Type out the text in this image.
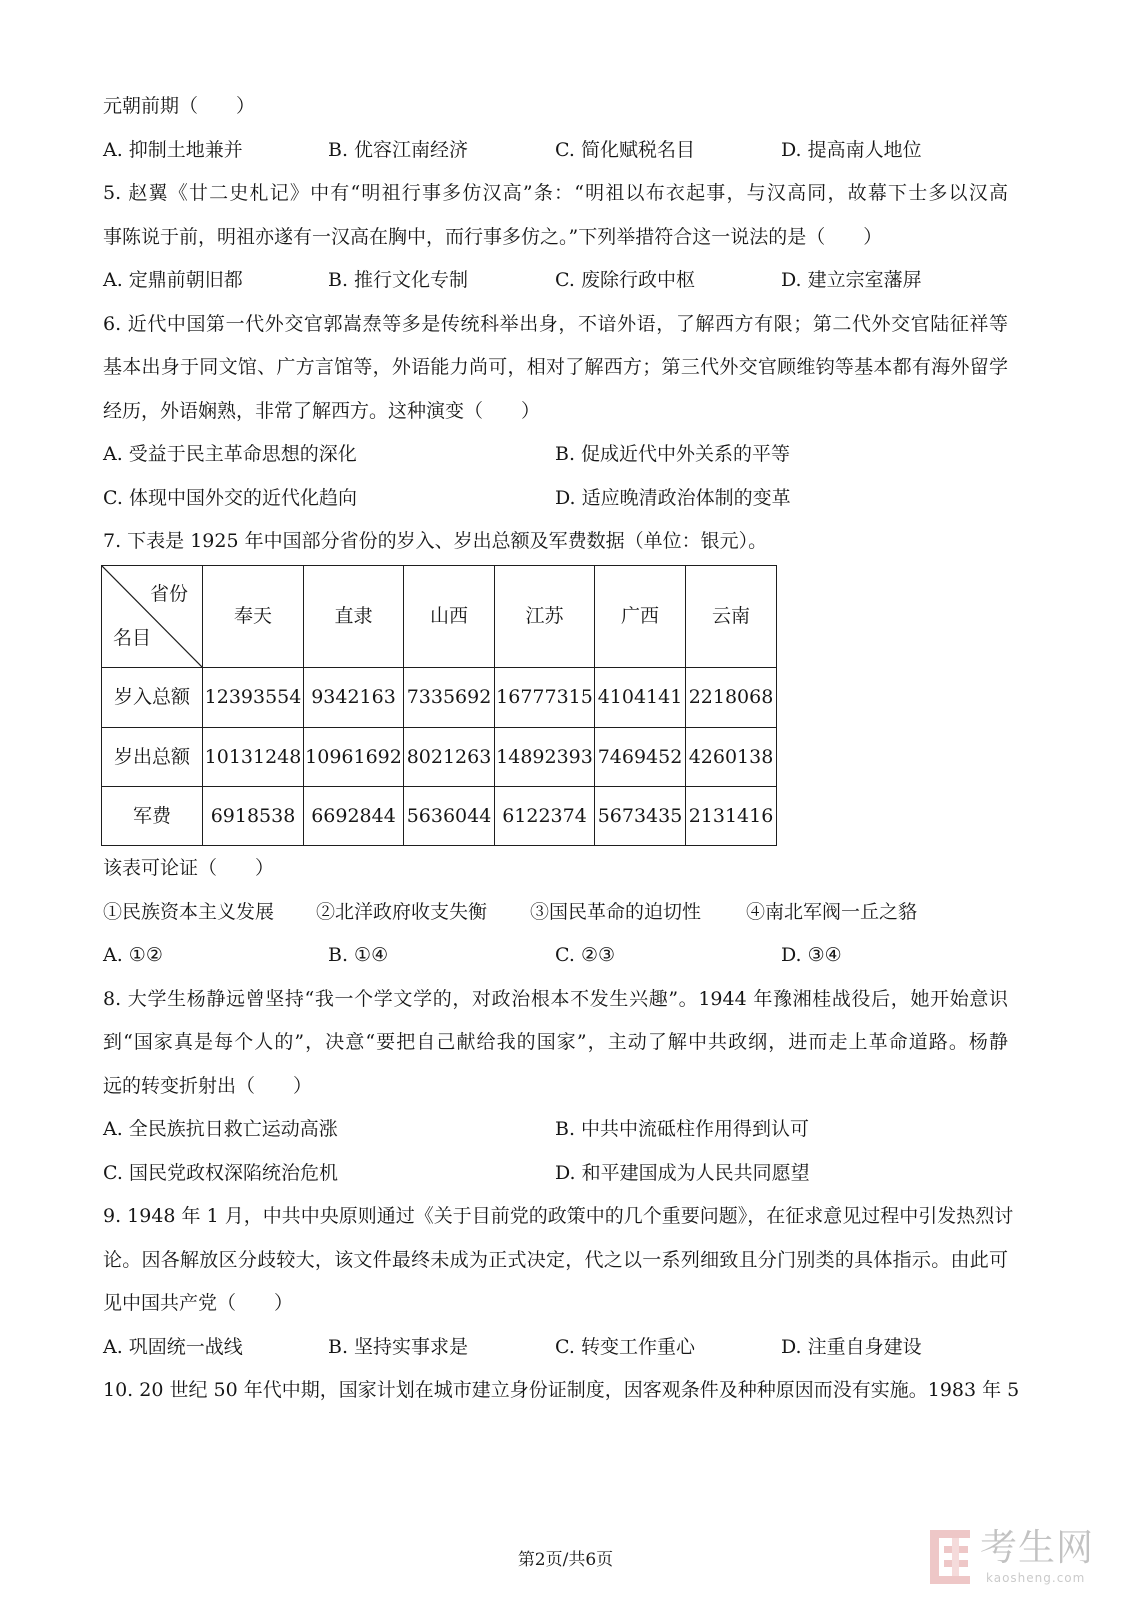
元朝前期（　　）
A. 抑制土地兼并	B. 优容江南经济	C. 简化赋税名目	D. 提高南人地位
5. 赵翼《廿二史札记》中有“明祖行事多仿汉高”条：“明祖以布衣起事，与汉高同，故幕下士多以汉高
事陈说于前，明祖亦遂有一汉高在胸中，而行事多仿之。”下列举措符合这一说法的是（　　）
A. 定鼎前朝旧都	B. 推行文化专制	C. 废除行政中枢	D. 建立宗室藩屏
6. 近代中国第一代外交官郭嵩焘等多是传统科举出身，不谙外语，了解西方有限；第二代外交官陆征祥等
基本出身于同文馆、广方言馆等，外语能力尚可，相对了解西方；第三代外交官顾维钧等基本都有海外留学
经历，外语娴熟，非常了解西方。这种演变（　　）
A. 受益于民主革命思想的深化	B. 促成近代中外关系的平等
C. 体现中国外交的近代化趋向	D. 适应晚清政治体制的变革
7. 下表是 1925 年中国部分省份的岁入、岁出总额及军费数据（单位：银元）。
省份
名目	奉天	直隶	山西	江苏	广西	云南
岁入总额	12393554	9342163	7335692	16777315	4104141	2218068
岁出总额	10131248	10961692	8021263	14892393	7469452	4260138
军费	6918538	6692844	5636044	6122374	5673435	2131416
该表可论证（　　）
①民族资本主义发展 ②北洋政府收支失衡 ③国民革命的迫切性 ④南北军阀一丘之貉
A. ①②	B. ①④	C. ②③	D. ③④
8. 大学生杨静远曾坚持“我一个学文学的，对政治根本不发生兴趣”。1944 年豫湘桂战役后，她开始意识
到“国家真是每个人的”，决意“要把自己献给我的国家”，主动了解中共政纲，进而走上革命道路。杨静
远的转变折射出（　　）
A. 全民族抗日救亡运动高涨	B. 中共中流砥柱作用得到认可
C. 国民党政权深陷统治危机	D. 和平建国成为人民共同愿望
9. 1948 年 1 月，中共中央原则通过《关于目前党的政策中的几个重要问题》，在征求意见过程中引发热烈讨
论。因各解放区分歧较大，该文件最终未成为正式决定，代之以一系列细致且分门别类的具体指示。由此可
见中国共产党（　　）
A. 巩固统一战线	B. 坚持实事求是	C. 转变工作重心	D. 注重自身建设
10. 20 世纪 50 年代中期，国家计划在城市建立身份证制度，因客观条件及种种原因而没有实施。1983 年 5
第2页/共6页	考生网
kaosheng.com
